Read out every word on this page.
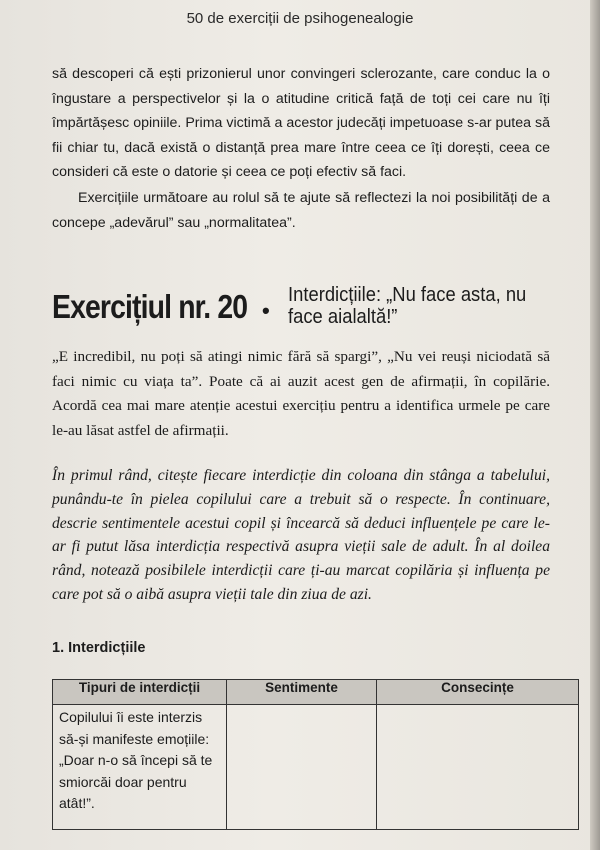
50 de exerciții de psihogenealogie
să descoperi că ești prizonierul unor convingeri sclerozante, care conduc la o îngustare a perspectivelor și la o atitudine critică față de toți cei care nu îți împărtășesc opiniile. Prima victimă a acestor judecăți impetuoase s-ar putea să fii chiar tu, dacă există o distanță prea mare între ceea ce îți dorești, ceea ce consideri că este o datorie și ceea ce poți efectiv să faci.
Exercițiile următoare au rolul să te ajute să reflectezi la noi posibilități de a concepe „adevărul” sau „normalitatea”.
Exercițiul nr. 20 •
Interdicțiile: „Nu face asta, nu face aialaltă!”
„E incredibil, nu poți să atingi nimic fără să spargi”, „Nu vei reuși niciodată să faci nimic cu viața ta”. Poate că ai auzit acest gen de afirmații, în copilărie. Acordă cea mai mare atenție acestui exercițiu pentru a identifica urmele pe care le-au lăsat astfel de afirmații.
În primul rând, citește fiecare interdicție din coloana din stânga a tabelului, punându-te în pielea copilului care a trebuit să o respecte. În continuare, descrie sentimentele acestui copil și încearcă să deduci influențele pe care le-ar fi putut lăsa interdicția respectivă asupra vieții sale de adult. În al doilea rând, notează posibilele interdicții care ți-au marcat copilăria și influența pe care pot să o aibă asupra vieții tale din ziua de azi.
1. Interdicțiile
Tipuri de interdicții	Sentimente	Consecințe
Copilului îi este interzis să-și manifeste emoțiile: „Doar n-o să începi să te smiorcăi doar pentru atât!”.		
